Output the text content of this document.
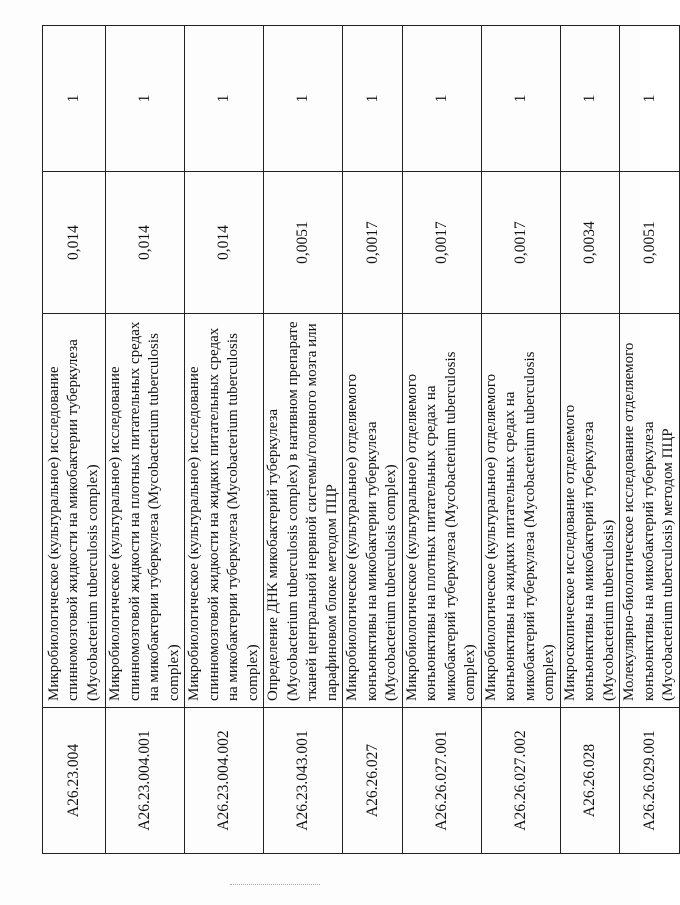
A26.23.004	Микробиологическое (культуральное) исследование спинномозговой жидкости на микобактерии туберкулеза (Mycobacterium tuberculosis complex)	0,014	1
A26.23.004.001	Микробиологическое (культуральное) исследование спинномозговой жидкости на плотных питательных средах на микобактерии туберкулеза (Mycobacterium tuberculosis complex)	0,014	1
A26.23.004.002	Микробиологическое (культуральное) исследование спинномозговой жидкости на жидких питательных средах на микобактерии туберкулеза (Mycobacterium tuberculosis complex)	0,014	1
A26.23.043.001	Определение ДНК микобактерий туберкулеза (Mycobacterium tuberculosis complex) в нативном препарате тканей центральной нервной системы/головного мозга или парафиновом блоке методом ПЦР	0,0051	1
A26.26.027	Микробиологическое (культуральное) отделяемого конъюнктивы на микобактерии туберкулеза (Mycobacterium tuberculosis complex)	0,0017	1
A26.26.027.001	Микробиологическое (культуральное) отделяемого конъюнктивы на плотных питательных средах на микобактерий туберкулеза (Mycobacterium tuberculosis complex)	0,0017	1
A26.26.027.002	Микробиологическое (культуральное) отделяемого конъюнктивы на жидких питательных средах на микобактерий туберкулеза (Mycobacterium tuberculosis complex)	0,0017	1
A26.26.028	Микроскопическое исследование отделяемого конъюнктивы на микобактерий туберкулеза (Mycobacterium tuberculosis)	0,0034	1
A26.26.029.001	Молекулярно-биологическое исследование отделяемого конъюнктивы на микобактерий туберкулеза (Mycobacterium tuberculosis) методом ПЦР	0,0051	1
